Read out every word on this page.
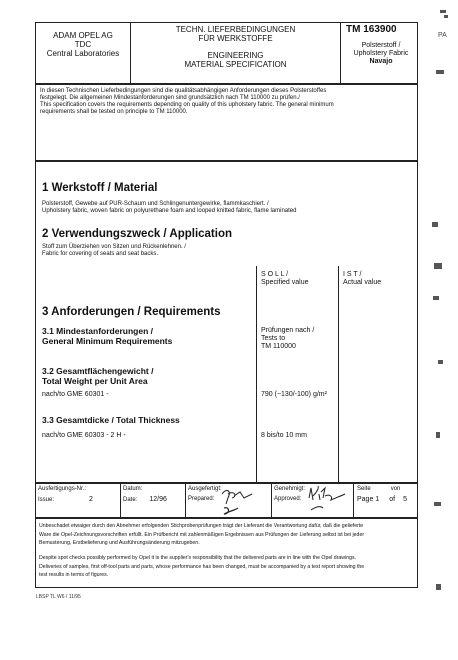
PA
ADAM OPEL AG
TDC
Central Laboratories
TECHN. LIEFERBEDINGUNGEN
FÜR WERKSTOFFE
ENGINEERING
MATERIAL SPECIFICATION
TM 163900
Polsterstoff /
Upholstery Fabric
Navajo
In diesen Technischen Lieferbedingungen sind die qualitätsabhängigen Anforderungen dieses Polsterstoffes
festgelegt. Die allgemeinen Mindestanforderungen sind grundsätzlich nach TM 110000 zu prüfen./
This specification covers the requirements depending on quality of this upholstery fabric. The general minimum
requirements shall be tested on principle to TM 110000.
1 Werkstoff / Material
Polsterstoff, Gewebe auf PUR-Schaum und Schlingenuntergewirke, flammkaschiert. /
Upholstery fabric, woven fabric on polyurethane foam and looped knitted fabric, flame laminated
2 Verwendungszweck / Application
Stoff zum Überziehen von Sitzen und Rückenlehnen. /
Fabric for covering of seats and seat backs.
S O L L /
Specified value
I S T /
Actual value
3 Anforderungen / Requirements
3.1 Mindestanforderungen /
General Minimum Requirements
Prüfungen nach /
Tests to
TM 110000
3.2 Gesamtflächengewicht /
Total Weight per Unit Area
nach/to GME 60301 -	790 (−130/-100) g/m²
3.3 Gesamtdicke / Total Thickness
nach/to GME 60303 - 2 H -	8 bis/to 10 mm
Ausfertigungs-Nr.:
Issue:	2
Datum:
Date: 12/96
Ausgefertigt:
Prepared:
Genehmigt:
Approved:
Seite	von
Page 1 of 5
Unbeschadet etwaiger durch den Abnehmer erfolgenden Stichprobenprüfungen trägt der Lieferant die Verantwortung dafür, daß die gelieferte
Ware die Opel-Zeichnungsvorschriften erfüllt. Ein Prüfbericht mit zahlenmäßigen Ergebnissen aus Prüfungen der Lieferung selbst ist bei jeder
Bemusterung, Erstbelieferung und Ausführungsänderung mitzugeben.
Despite spot checks possibly performed by Opel it is the supplier's responsibility that the delivered parts are in line with the Opel drawings.
Deliveries of samples, first off-tool parts and parts, whose performance has been changed, must be accompanied by a test report showing the
test results in terms of figures.
LBSP TL W6 / 11/95
